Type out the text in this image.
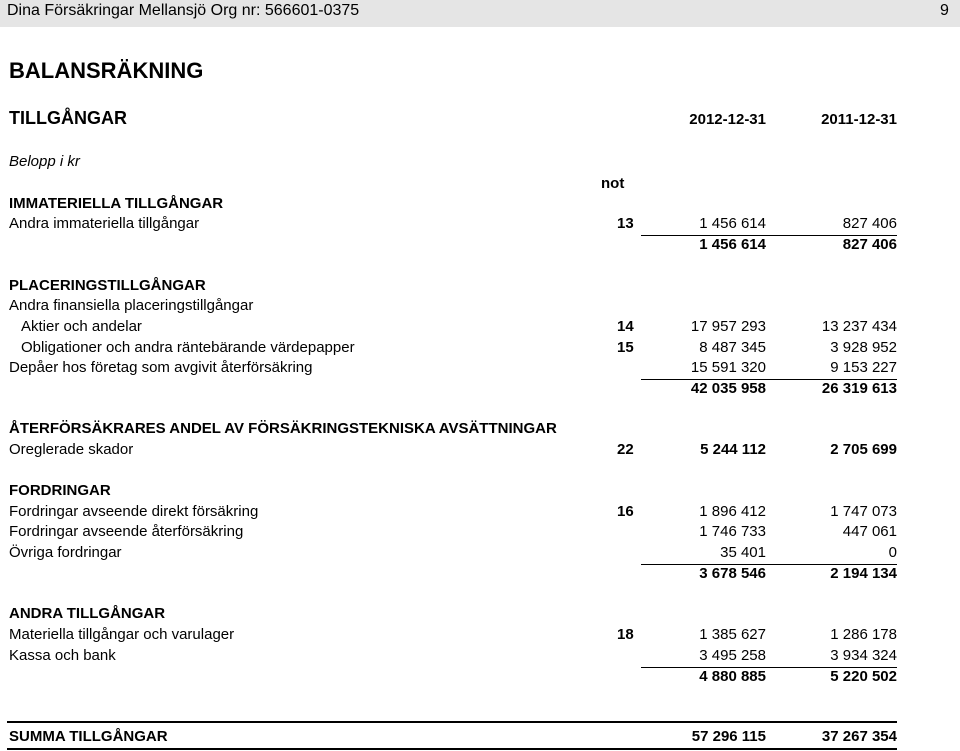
Dina Försäkringar Mellansjö Org nr: 566601-0375	9
BALANSRÄKNING
TILLGÅNGAR	2012-12-31	2011-12-31
Belopp i kr
not
IMMATERIELLA TILLGÅNGAR
Andra immateriella tillgångar	13	1 456 614	827 406
1 456 614	827 406
PLACERINGSTILLGÅNGAR
Andra finansiella placeringstillgångar
Aktier och andelar	14	17 957 293	13 237 434
Obligationer och andra räntebärande värdepapper	15	8 487 345	3 928 952
Depåer hos företag som avgivit återförsäkring	15 591 320	9 153 227
42 035 958	26 319 613
ÅTERFÖRSÄKRARES ANDEL AV FÖRSÄKRINGSTEKNISKA AVSÄTTNINGAR
Oreglerade skador	22	5 244 112	2 705 699
FORDRINGAR
Fordringar avseende direkt försäkring	16	1 896 412	1 747 073
Fordringar avseende återförsäkring	1 746 733	447 061
Övriga fordringar	35 401	0
3 678 546	2 194 134
ANDRA TILLGÅNGAR
Materiella tillgångar och varulager	18	1 385 627	1 286 178
Kassa och bank	3 495 258	3 934 324
4 880 885	5 220 502
SUMMA TILLGÅNGAR	57 296 115	37 267 354
